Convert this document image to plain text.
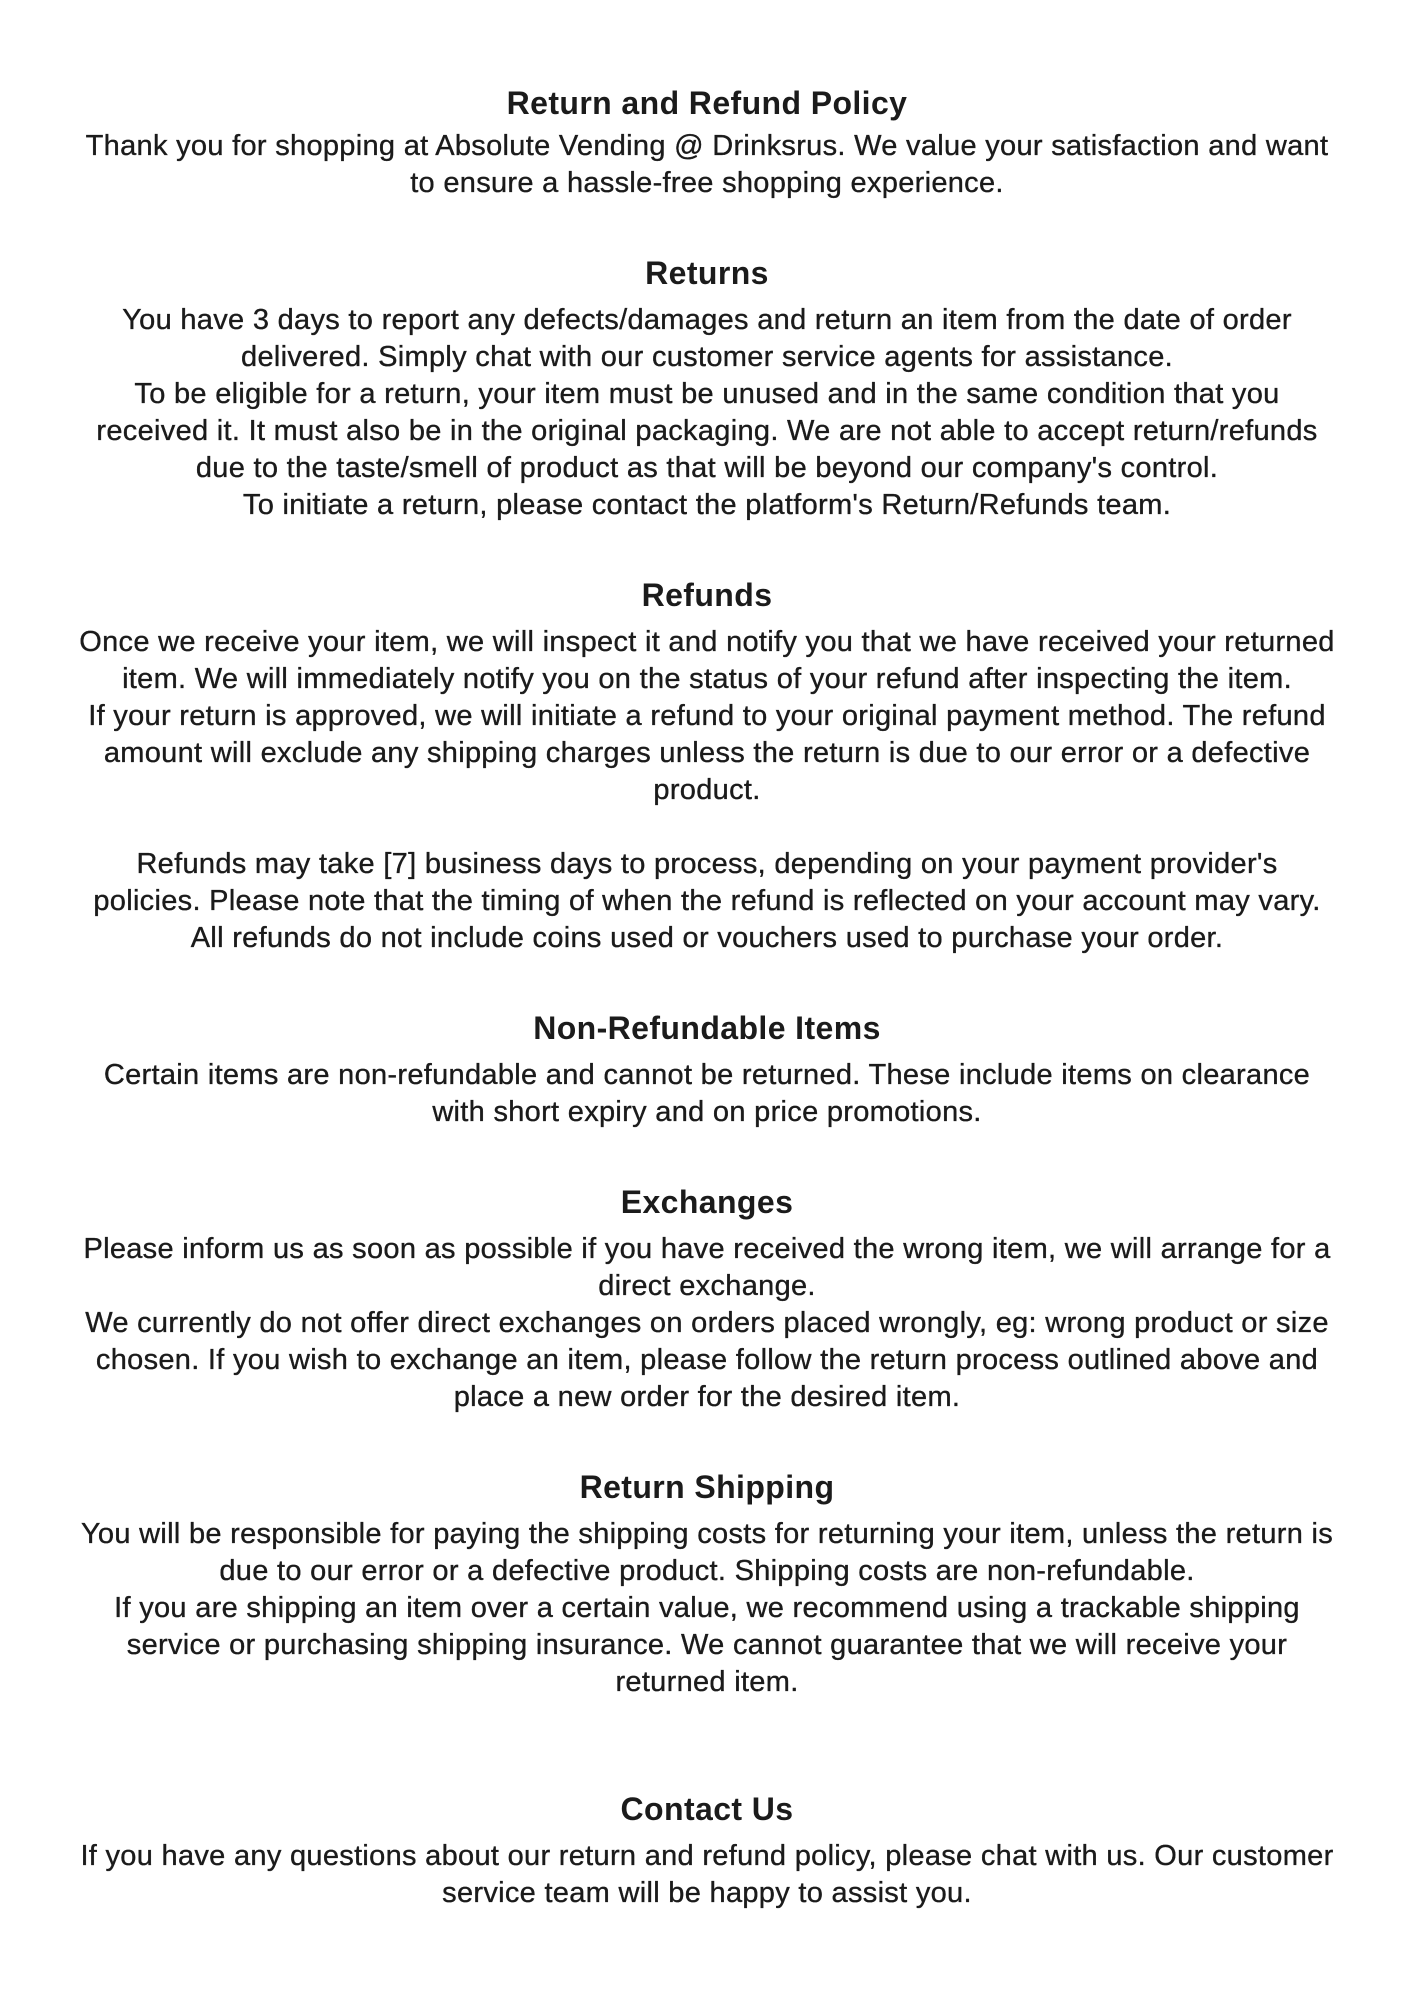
Return and Refund Policy

Thank you for shopping at Absolute Vending @ Drinksrus. We value your satisfaction and want to ensure a hassle-free shopping experience.

Returns
You have 3 days to report any defects/damages and return an item from the date of order delivered. Simply chat with our customer service agents for assistance.
To be eligible for a return, your item must be unused and in the same condition that you received it. It must also be in the original packaging. We are not able to accept return/refunds due to the taste/smell of product as that will be beyond our company's control.
To initiate a return, please contact the platform's Return/Refunds team.
Refunds
Once we receive your item, we will inspect it and notify you that we have received your returned item. We will immediately notify you on the status of your refund after inspecting the item.
If your return is approved, we will initiate a refund to your original payment method. The refund amount will exclude any shipping charges unless the return is due to our error or a defective product.
Refunds may take [7] business days to process, depending on your payment provider's policies. Please note that the timing of when the refund is reflected on your account may vary. All refunds do not include coins used or vouchers used to purchase your order.
Non-Refundable Items
Certain items are non-refundable and cannot be returned. These include items on clearance with short expiry and on price promotions.
Exchanges
Please inform us as soon as possible if you have received the wrong item, we will arrange for a direct exchange.
We currently do not offer direct exchanges on orders placed wrongly, eg: wrong product or size chosen. If you wish to exchange an item, please follow the return process outlined above and place a new order for the desired item.
Return Shipping
You will be responsible for paying the shipping costs for returning your item, unless the return is due to our error or a defective product. Shipping costs are non-refundable.
If you are shipping an item over a certain value, we recommend using a trackable shipping service or purchasing shipping insurance. We cannot guarantee that we will receive your returned item.
Contact Us
If you have any questions about our return and refund policy, please chat with us. Our customer service team will be happy to assist you.
